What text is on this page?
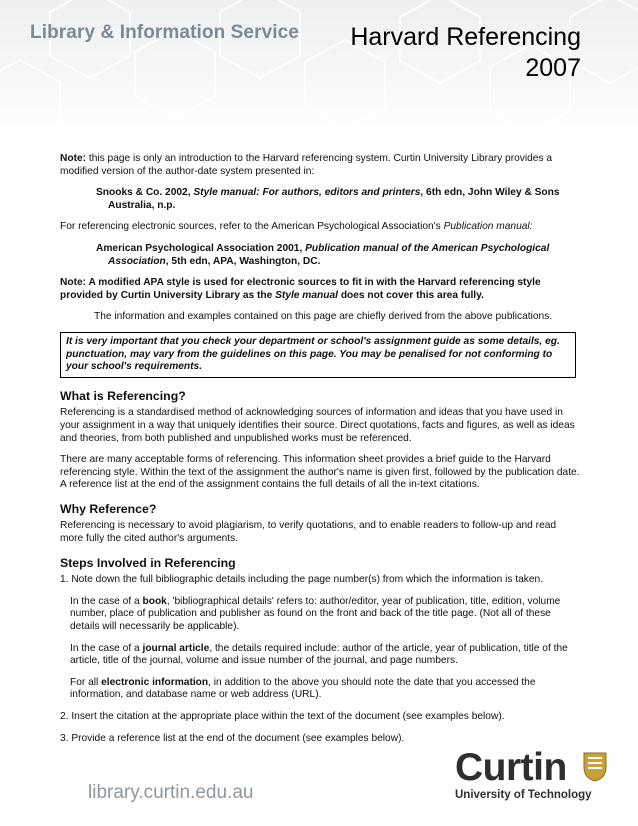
Library & Information Service Harvard Referencing
2007

Note: this page is only an introduction to the Harvard referencing system. Curtin University Library provides a modified version of the author-date system presented in:

Snooks & Co. 2002, Style manual: For authors, editors and printers, 6th edn, John Wiley & Sons Australia, n.p.

For referencing electronic sources, refer to the American Psychological Association's Publication manual:

American Psychological Association 2001, Publication manual of the American Psychological Association, 5th edn, APA, Washington, DC.

Note: A modified APA style is used for electronic sources to fit in with the Harvard referencing style provided by Curtin University Library as the Style manual does not cover this area fully.

The information and examples contained on this page are chiefly derived from the above publications.

It is very important that you check your department or school's assignment guide as some details, eg. punctuation, may vary from the guidelines on this page. You may be penalised for not conforming to your school's requirements.
What is Referencing?

Referencing is a standardised method of acknowledging sources of information and ideas that you have used in your assignment in a way that uniquely identifies their source. Direct quotations, facts and figures, as well as ideas and theories, from both published and unpublished works must be referenced.

There are many acceptable forms of referencing. This information sheet provides a brief guide to the Harvard referencing style. Within the text of the assignment the author's name is given first, followed by the publication date. A reference list at the end of the assignment contains the full details of all the in-text citations.

Why Reference?

Referencing is necessary to avoid plagiarism, to verify quotations, and to enable readers to follow-up and read more fully the cited author's arguments.

Steps Involved in Referencing

1. Note down the full bibliographic details including the page number(s) from which the information is taken.

In the case of a book, 'bibliographical details' refers to: author/editor, year of publication, title, edition, volume number, place of publication and publisher as found on the front and back of the title page. (Not all of these details will necessarily be applicable).

In the case of a journal article, the details required include: author of the article, year of publication, title of the article, title of the journal, volume and issue number of the journal, and page numbers.

For all electronic information, in addition to the above you should note the date that you accessed the information, and database name or web address (URL).

2. Insert the citation at the appropriate place within the text of the document (see examples below).

3. Provide a reference list at the end of the document (see examples below).

library.curtin.edu.au
Curtin
University of Technology
